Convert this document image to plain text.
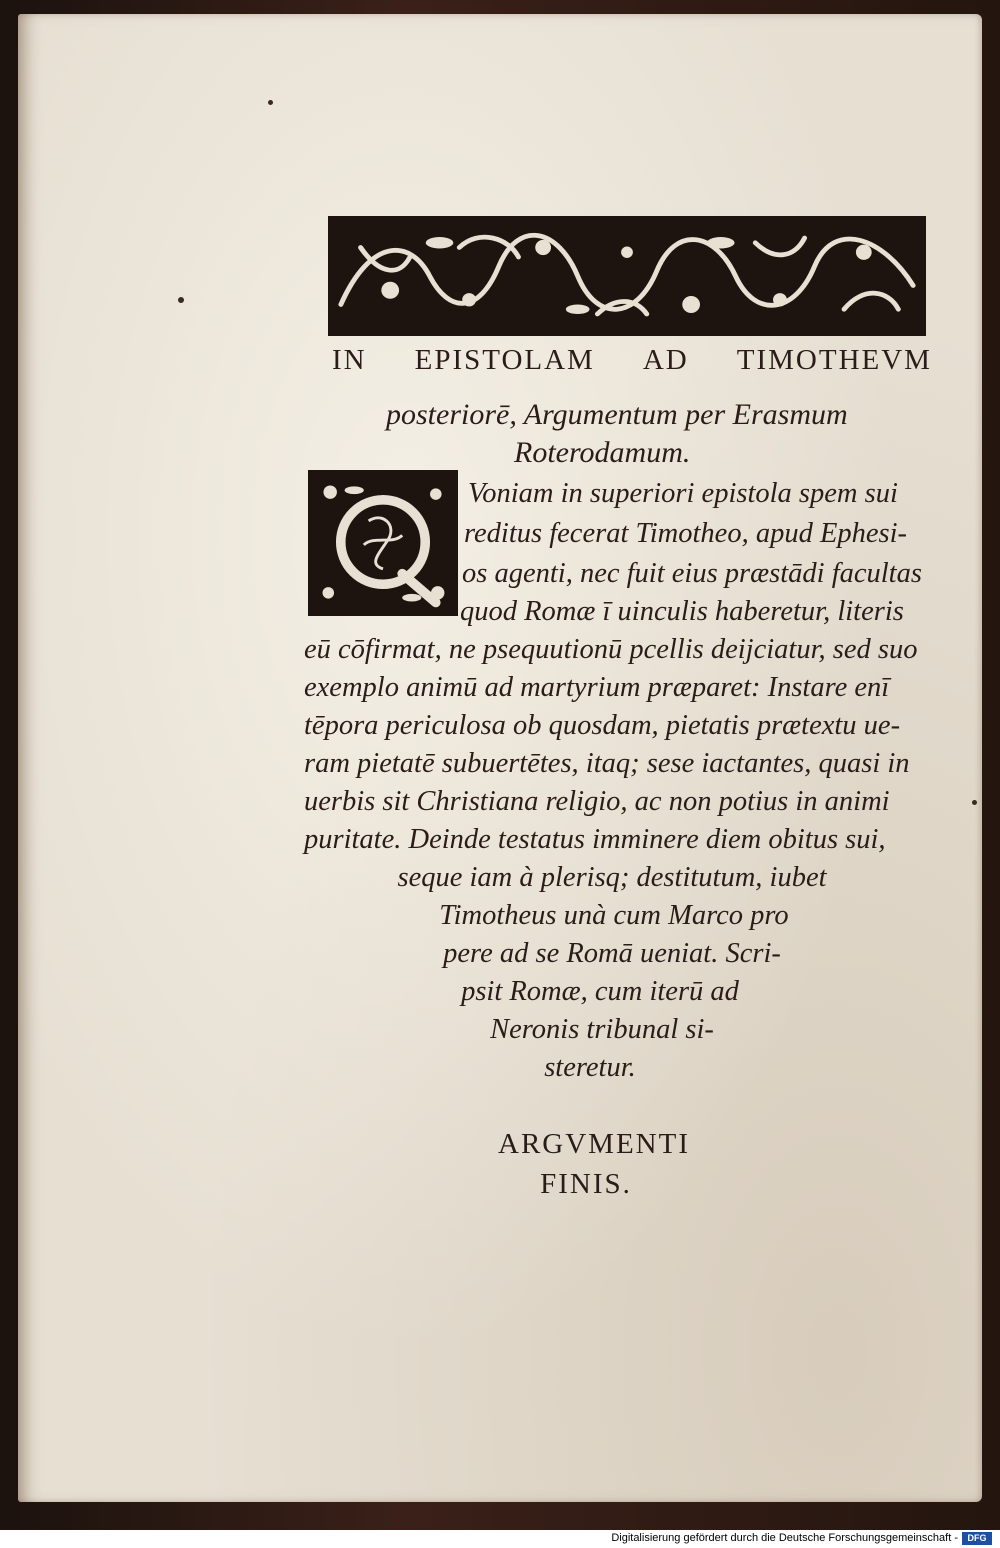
IN EPISTOLAM AD TIMOTHEVM
posteriorē, Argumentum per Erasmum
Roterodamum.
Voniam in superiori epistola spem sui
reditus fecerat Timotheo, apud Ephesi-
os agenti, nec fuit eius præstādi facultas
quod Romæ ī uinculis haberetur, literis
eū cōfirmat, ne psequutionū pcellis deijciatur, sed suo
exemplo animū ad martyrium præparet: Instare enī
tēpora periculosa ob quosdam, pietatis prætextu ue-
ram pietatē subuertētes, itaq; sese iactantes, quasi in
uerbis sit Christiana religio, ac non potius in animi
puritate. Deinde testatus imminere diem obitus sui,
seque iam à plerisq; destitutum, iubet
Timotheus unà cum Marco pro
pere ad se Romā ueniat. Scri-
psit Romæ, cum iterū ad
Neronis tribunal si-
steretur.
ARGVMENTI
FINIS.
Digitalisierung gefördert durch die Deutsche Forschungsgemeinschaft -	DFG
